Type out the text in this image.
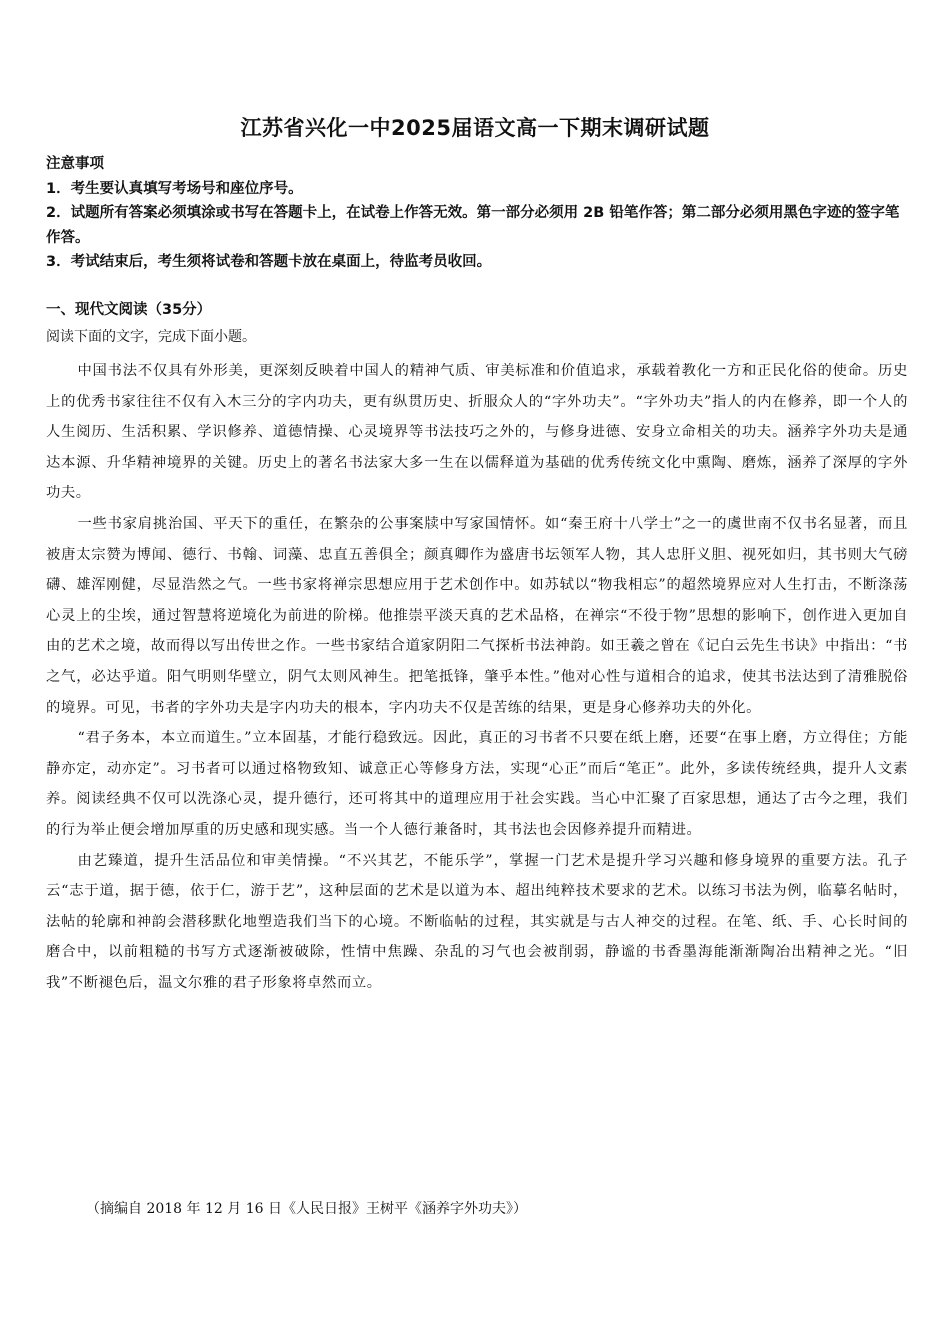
江苏省兴化一中2025届语文高一下期末调研试题
注意事项
1．考生要认真填写考场号和座位序号。
2．试题所有答案必须填涂或书写在答题卡上，在试卷上作答无效。第一部分必须用 2B 铅笔作答；第二部分必须用黑色字迹的签字笔作答。
3．考试结束后，考生须将试卷和答题卡放在桌面上，待监考员收回。
一、现代文阅读（35分）
阅读下面的文字，完成下面小题。

中国书法不仅具有外形美，更深刻反映着中国人的精神气质、审美标准和价值追求，承载着教化一方和正民化俗的使命。历史上的优秀书家往往不仅有入木三分的字内功夫，更有纵贯历史、折服众人的“字外功夫”。“字外功夫”指人的内在修养，即一个人的人生阅历、生活积累、学识修养、道德情操、心灵境界等书法技巧之外的，与修身进德、安身立命相关的功夫。涵养字外功夫是通达本源、升华精神境界的关键。历史上的著名书法家大多一生在以儒释道为基础的优秀传统文化中熏陶、磨炼，涵养了深厚的字外功夫。

一些书家肩挑治国、平天下的重任，在繁杂的公事案牍中写家国情怀。如“秦王府十八学士”之一的虞世南不仅书名显著，而且被唐太宗赞为博闻、德行、书翰、词藻、忠直五善俱全；颜真卿作为盛唐书坛领军人物，其人忠肝义胆、视死如归，其书则大气磅礴、雄浑刚健，尽显浩然之气。一些书家将禅宗思想应用于艺术创作中。如苏轼以“物我相忘”的超然境界应对人生打击，不断涤荡心灵上的尘埃，通过智慧将逆境化为前进的阶梯。他推崇平淡天真的艺术品格，在禅宗“不役于物”思想的影响下，创作进入更加自由的艺术之境，故而得以写出传世之作。一些书家结合道家阴阳二气探析书法神韵。如王羲之曾在《记白云先生书诀》中指出：“书之气，必达乎道。阳气明则华壁立，阴气太则风神生。把笔抵锋，肇乎本性。”他对心性与道相合的追求，使其书法达到了清雅脱俗的境界。可见，书者的字外功夫是字内功夫的根本，字内功夫不仅是苦练的结果，更是身心修养功夫的外化。

“君子务本，本立而道生。”立本固基，才能行稳致远。因此，真正的习书者不只要在纸上磨，还要“在事上磨，方立得住；方能静亦定，动亦定”。习书者可以通过格物致知、诚意正心等修身方法，实现“心正”而后“笔正”。此外，多读传统经典，提升人文素养。阅读经典不仅可以洗涤心灵，提升德行，还可将其中的道理应用于社会实践。当心中汇聚了百家思想，通达了古今之理，我们的行为举止便会增加厚重的历史感和现实感。当一个人德行兼备时，其书法也会因修养提升而精进。

由艺臻道，提升生活品位和审美情操。“不兴其艺，不能乐学”，掌握一门艺术是提升学习兴趣和修身境界的重要方法。孔子云“志于道，据于德，依于仁，游于艺”，这种层面的艺术是以道为本、超出纯粹技术要求的艺术。以练习书法为例，临摹名帖时，法帖的轮廓和神韵会潜移默化地塑造我们当下的心境。不断临帖的过程，其实就是与古人神交的过程。在笔、纸、手、心长时间的磨合中，以前粗糙的书写方式逐渐被破除，性情中焦躁、杂乱的习气也会被削弱，静谧的书香墨海能渐渐陶冶出精神之光。“旧我”不断褪色后，温文尔雅的君子形象将卓然而立。

（摘编自 2018 年 12 月 16 日《人民日报》王树平《涵养字外功夫》）
